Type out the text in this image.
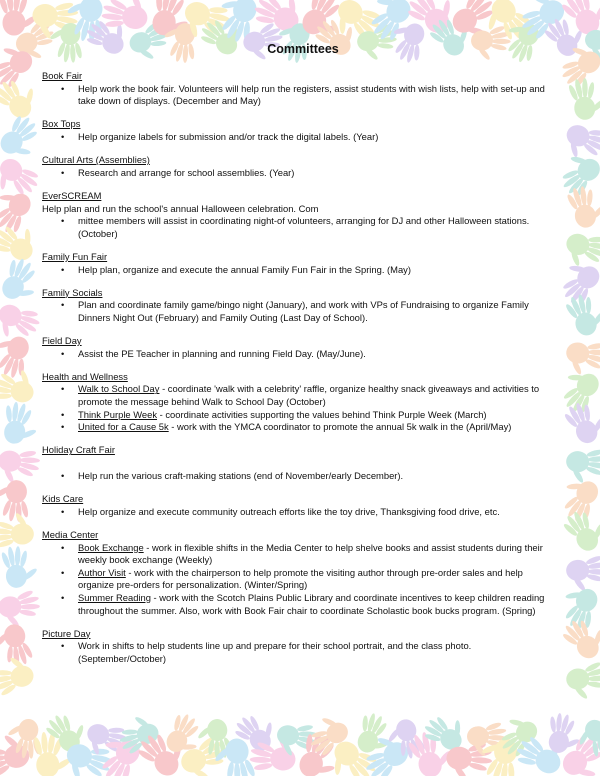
Committees
Book Fair
• Help work the book fair. Volunteers will help run the registers, assist students with wish lists, help with set-up and take down of displays. (December and May)
Box Tops
• Help organize labels for submission and/or track the digital labels. (Year)
Cultural Arts (Assemblies)
• Research and arrange for school assemblies. (Year)
EverSCREAM
Help plan and run the school's annual Halloween celebration. Com
• mittee members will assist in coordinating night-of volunteers, arranging for DJ and other Halloween stations. (October)
Family Fun Fair
• Help plan, organize and execute the annual Family Fun Fair in the Spring. (May)
Family Socials
• Plan and coordinate family game/bingo night (January), and work with VPs of Fundraising to organize Family Dinners Night Out (February) and Family Outing (Last Day of School).
Field Day
• Assist the PE Teacher in planning and running Field Day. (May/June).
Health and Wellness
• Walk to School Day - coordinate 'walk with a celebrity' raffle, organize healthy snack giveaways and activities to promote the message behind Walk to School Day (October)
• Think Purple Week - coordinate activities supporting the values behind Think Purple Week (March)
• United for a Cause 5k - work with the YMCA coordinator to promote the annual 5k walk in the (April/May)
Holiday Craft Fair
• Help run the various craft-making stations (end of November/early December).
Kids Care
• Help organize and execute community outreach efforts like the toy drive, Thanksgiving food drive, etc.
Media Center
• Book Exchange - work in flexible shifts in the Media Center to help shelve books and assist students during their weekly book exchange (Weekly)
• Author Visit - work with the chairperson to help promote the visiting author through pre-order sales and help organize pre-orders for personalization. (Winter/Spring)
• Summer Reading - work with the Scotch Plains Public Library and coordinate incentives to keep children reading throughout the summer. Also, work with Book Fair chair to coordinate Scholastic book bucks program. (Spring)
Picture Day
• Work in shifts to help students line up and prepare for their school portrait, and the class photo. (September/October)
